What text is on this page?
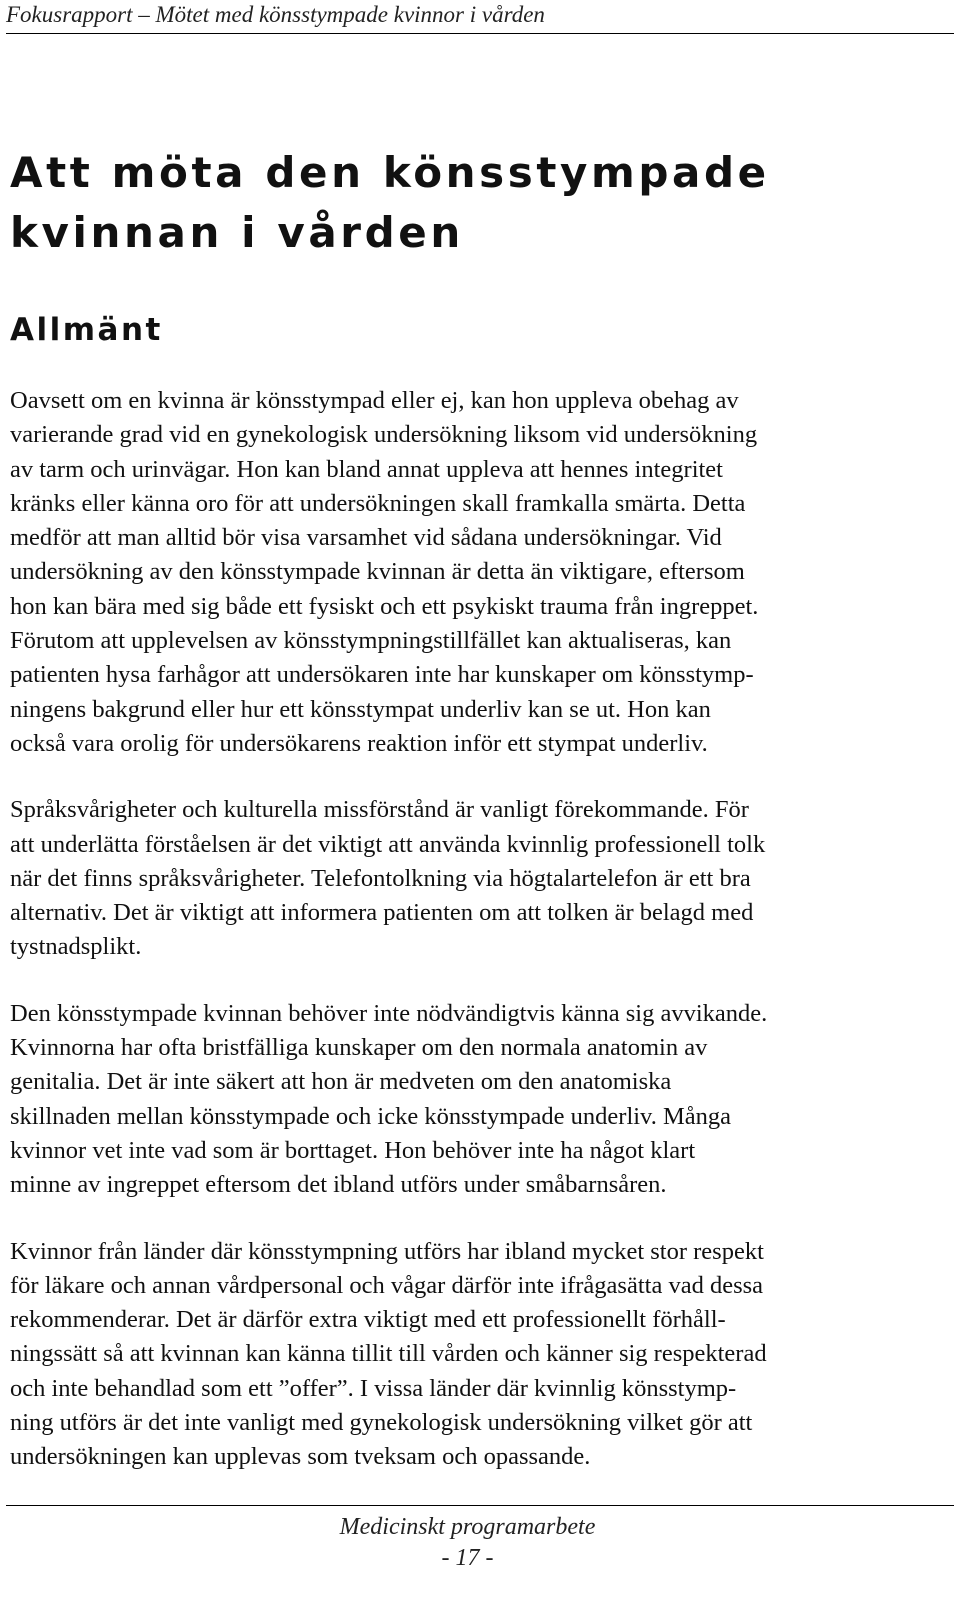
Fokusrapport – Mötet med könsstympade kvinnor i vården
Att möta den könsstympade
kvinnan i vården
Allmänt

Oavsett om en kvinna är könsstympad eller ej, kan hon uppleva obehag av
varierande grad vid en gynekologisk undersökning liksom vid undersökning
av tarm och urinvägar. Hon kan bland annat uppleva att hennes integritet
kränks eller känna oro för att undersökningen skall framkalla smärta. Detta
medför att man alltid bör visa varsamhet vid sådana undersökningar. Vid
undersökning av den könsstympade kvinnan är detta än viktigare, eftersom
hon kan bära med sig både ett fysiskt och ett psykiskt trauma från ingreppet.
Förutom att upplevelsen av könsstympningstillfället kan aktualiseras, kan
patienten hysa farhågor att undersökaren inte har kunskaper om könsstymp-
ningens bakgrund eller hur ett könsstympat underliv kan se ut. Hon kan
också vara orolig för undersökarens reaktion inför ett stympat underliv.

Språksvårigheter och kulturella missförstånd är vanligt förekommande. För
att underlätta förståelsen är det viktigt att använda kvinnlig professionell tolk
när det finns språksvårigheter. Telefontolkning via högtalartelefon är ett bra
alternativ. Det är viktigt att informera patienten om att tolken är belagd med
tystnadsplikt.

Den könsstympade kvinnan behöver inte nödvändigtvis känna sig avvikande.
Kvinnorna har ofta bristfälliga kunskaper om den normala anatomin av
genitalia. Det är inte säkert att hon är medveten om den anatomiska
skillnaden mellan könsstympade och icke könsstympade underliv. Många
kvinnor vet inte vad som är borttaget. Hon behöver inte ha något klart
minne av ingreppet eftersom det ibland utförs under småbarnsåren.

Kvinnor från länder där könsstympning utförs har ibland mycket stor respekt
för läkare och annan vårdpersonal och vågar därför inte ifrågasätta vad dessa
rekommenderar. Det är därför extra viktigt med ett professionellt förhåll-
ningssätt så att kvinnan kan känna tillit till vården och känner sig respekterad
och inte behandlad som ett ”offer”. I vissa länder där kvinnlig könsstymp-
ning utförs är det inte vanligt med gynekologisk undersökning vilket gör att
undersökningen kan upplevas som tveksam och opassande.

Medicinskt programarbete
- 17 -
